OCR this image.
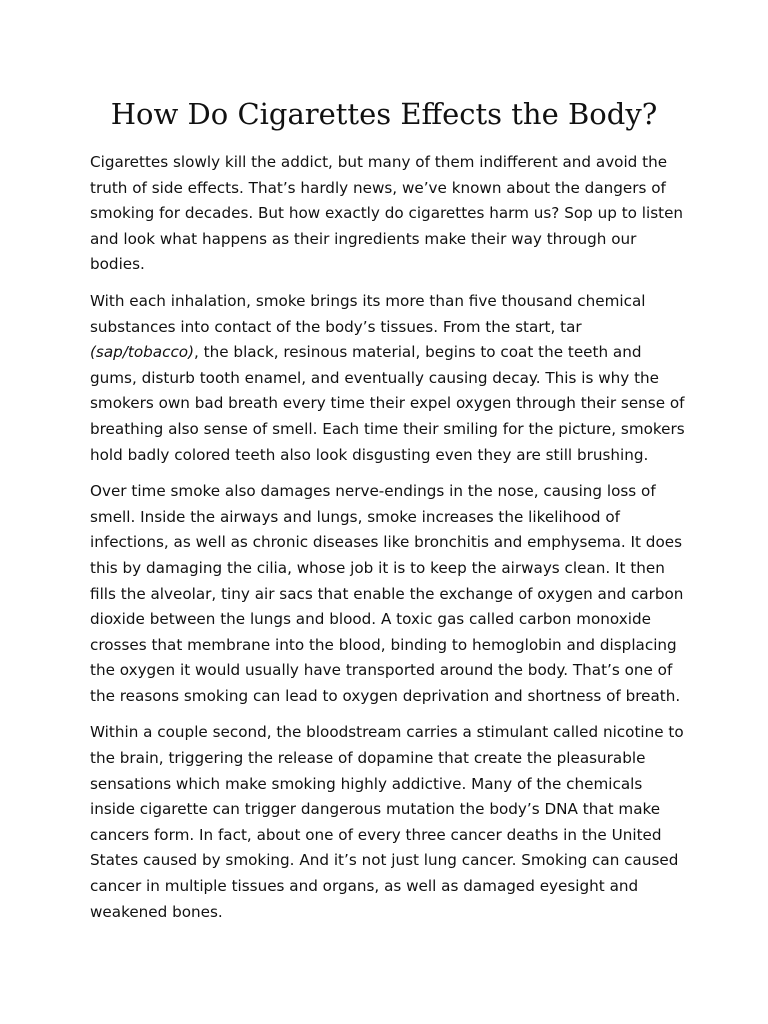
How Do Cigarettes Effects the Body?

Cigarettes slowly kill the addict, but many of them indifferent and avoid the truth of side effects. That’s hardly news, we’ve known about the dangers of smoking for decades. But how exactly do cigarettes harm us? Sop up to listen and look what happens as their ingredients make their way through our bodies.

With each inhalation, smoke brings its more than five thousand chemical substances into contact of the body’s tissues. From the start, tar (sap/tobacco), the black, resinous material, begins to coat the teeth and gums, disturb tooth enamel, and eventually causing decay. This is why the smokers own bad breath every time their expel oxygen through their sense of breathing also sense of smell. Each time their smiling for the picture, smokers hold badly colored teeth also look disgusting even they are still brushing.

Over time smoke also damages nerve-endings in the nose, causing loss of smell. Inside the airways and lungs, smoke increases the likelihood of infections, as well as chronic diseases like bronchitis and emphysema. It does this by damaging the cilia, whose job it is to keep the airways clean. It then fills the alveolar, tiny air sacs that enable the exchange of oxygen and carbon dioxide between the lungs and blood. A toxic gas called carbon monoxide crosses that membrane into the blood, binding to hemoglobin and displacing the oxygen it would usually have transported around the body. That’s one of the reasons smoking can lead to oxygen deprivation and shortness of breath.

Within a couple second, the bloodstream carries a stimulant called nicotine to the brain, triggering the release of dopamine that create the pleasurable sensations which make smoking highly addictive. Many of the chemicals inside cigarette can trigger dangerous mutation the body’s DNA that make cancers form. In fact, about one of every three cancer deaths in the United States caused by smoking. And it’s not just lung cancer. Smoking can caused cancer in multiple tissues and organs, as well as damaged eyesight and weakened bones.
